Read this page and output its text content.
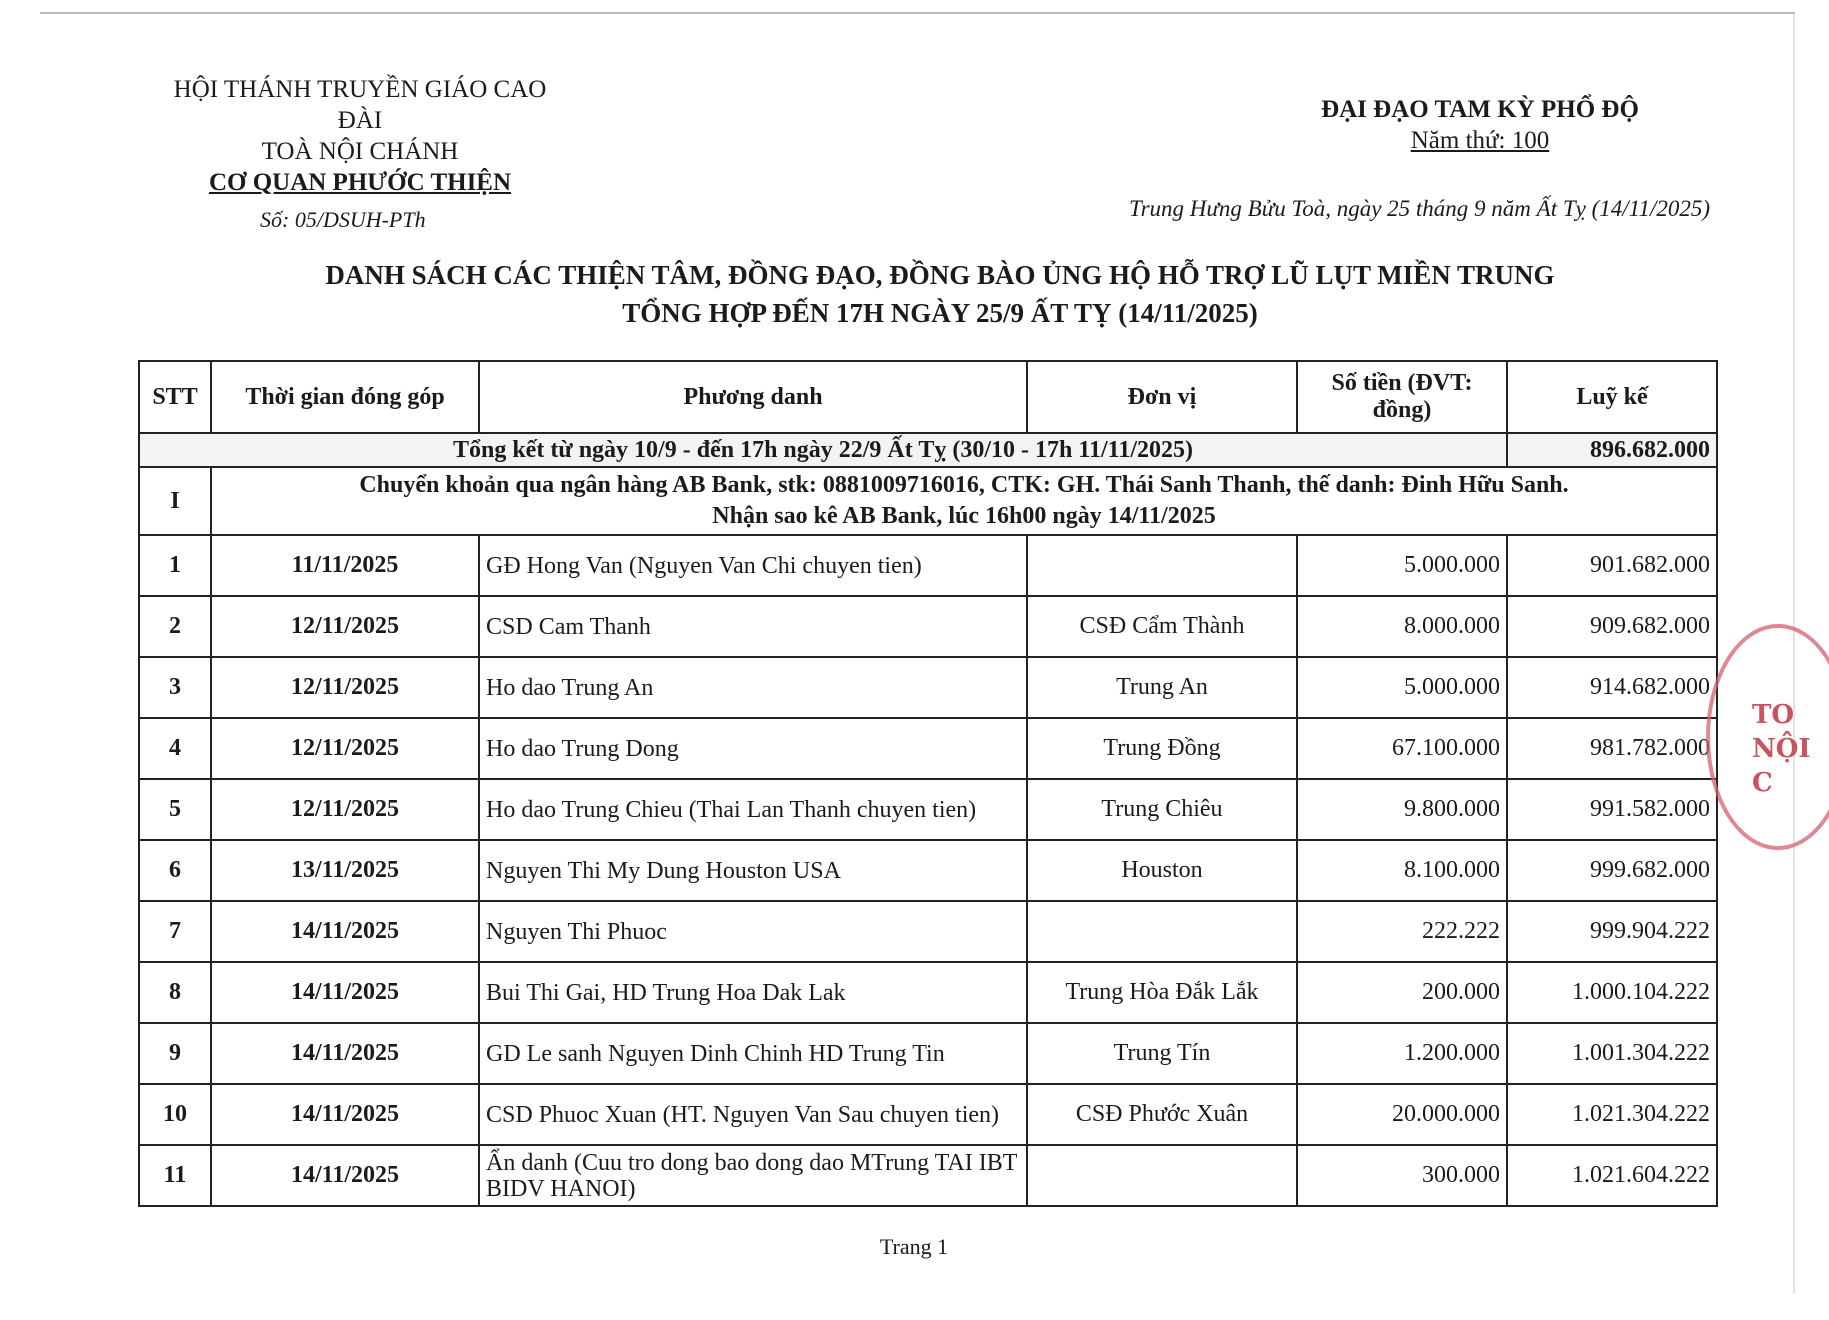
HỘI THÁNH TRUYỀN GIÁO CAO ĐÀI
TOÀ NỘI CHÁNH
CƠ QUAN PHƯỚC THIỆN
Số: 05/DSUH-PTh
ĐẠI ĐẠO TAM KỲ PHỔ ĐỘ
Năm thứ: 100
Trung Hưng Bửu Toà, ngày 25 tháng 9 năm Ất Tỵ (14/11/2025)
DANH SÁCH CÁC THIỆN TÂM, ĐỒNG ĐẠO, ĐỒNG BÀO ỦNG HỘ HỖ TRỢ LŨ LỤT MIỀN TRUNG
TỔNG HỢP ĐẾN 17H NGÀY 25/9 ẤT TỴ (14/11/2025)
STT	Thời gian đóng góp	Phương danh	Đơn vị	Số tiền (ĐVT: đồng)	Luỹ kế
Tổng kết từ ngày 10/9 - đến 17h ngày 22/9 Ất Tỵ (30/10 - 17h 11/11/2025)					896.682.000
I	Chuyển khoản qua ngân hàng AB Bank, stk: 0881009716016, CTK: GH. Thái Sanh Thanh, thế danh: Đinh Hữu Sanh.
Nhận sao kê AB Bank, lúc 16h00 ngày 14/11/2025				

1	11/11/2025	GĐ Hong Van (Nguyen Van Chi chuyen tien)		5.000.000	901.682.000
2	12/11/2025	CSD Cam Thanh	CSĐ Cẩm Thành	8.000.000	909.682.000
3	12/11/2025	Ho dao Trung An	Trung An	5.000.000	914.682.000
4	12/11/2025	Ho dao Trung Dong	Trung Đồng	67.100.000	981.782.000
5	12/11/2025	Ho dao Trung Chieu (Thai Lan Thanh chuyen tien)	Trung Chiêu	9.800.000	991.582.000
6	13/11/2025	Nguyen Thi My Dung Houston USA	Houston	8.100.000	999.682.000
7	14/11/2025	Nguyen Thi Phuoc		222.222	999.904.222
8	14/11/2025	Bui Thi Gai, HD Trung Hoa Dak Lak	Trung Hòa Đắk Lắk	200.000	1.000.104.222
9	14/11/2025	GD Le sanh Nguyen Dinh Chinh HD Trung Tin	Trung Tín	1.200.000	1.001.304.222
10	14/11/2025	CSD Phuoc Xuan (HT. Nguyen Van Sau chuyen tien)	CSĐ Phước Xuân	20.000.000	1.021.304.222
11	14/11/2025	Ẩn danh (Cuu tro dong bao dong dao MTrung TAI IBT BIDV HANOI)		300.000	1.021.604.222
TO
NỘI C
Trang 1
